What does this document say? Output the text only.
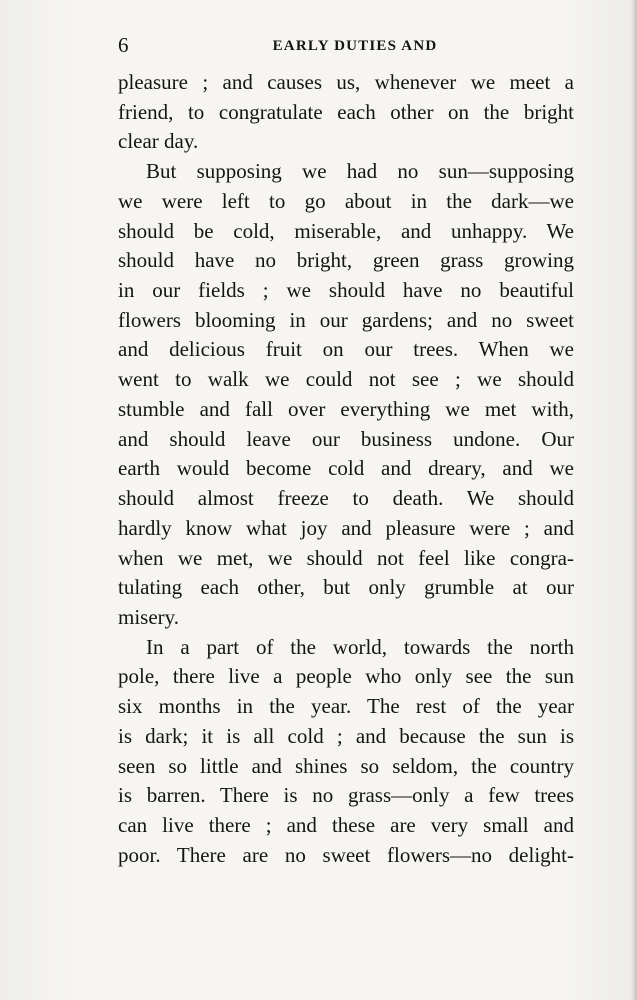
6	EARLY DUTIES AND
pleasure ; and causes us, whenever we meet a
friend, to congratulate each other on the bright
clear day.
But supposing we had no sun—supposing
we were left to go about in the dark—we
should be cold, miserable, and unhappy. We
should have no bright, green grass growing
in our fields ; we should have no beautiful
flowers blooming in our gardens; and no sweet
and delicious fruit on our trees. When we
went to walk we could not see ; we should
stumble and fall over everything we met with,
and should leave our business undone. Our
earth would become cold and dreary, and we
should almost freeze to death. We should
hardly know what joy and pleasure were ; and
when we met, we should not feel like congra-
tulating each other, but only grumble at our
misery.
In a part of the world, towards the north
pole, there live a people who only see the sun
six months in the year. The rest of the year
is dark; it is all cold ; and because the sun is
seen so little and shines so seldom, the country
is barren. There is no grass—only a few trees
can live there ; and these are very small and
poor. There are no sweet flowers—no delight-
